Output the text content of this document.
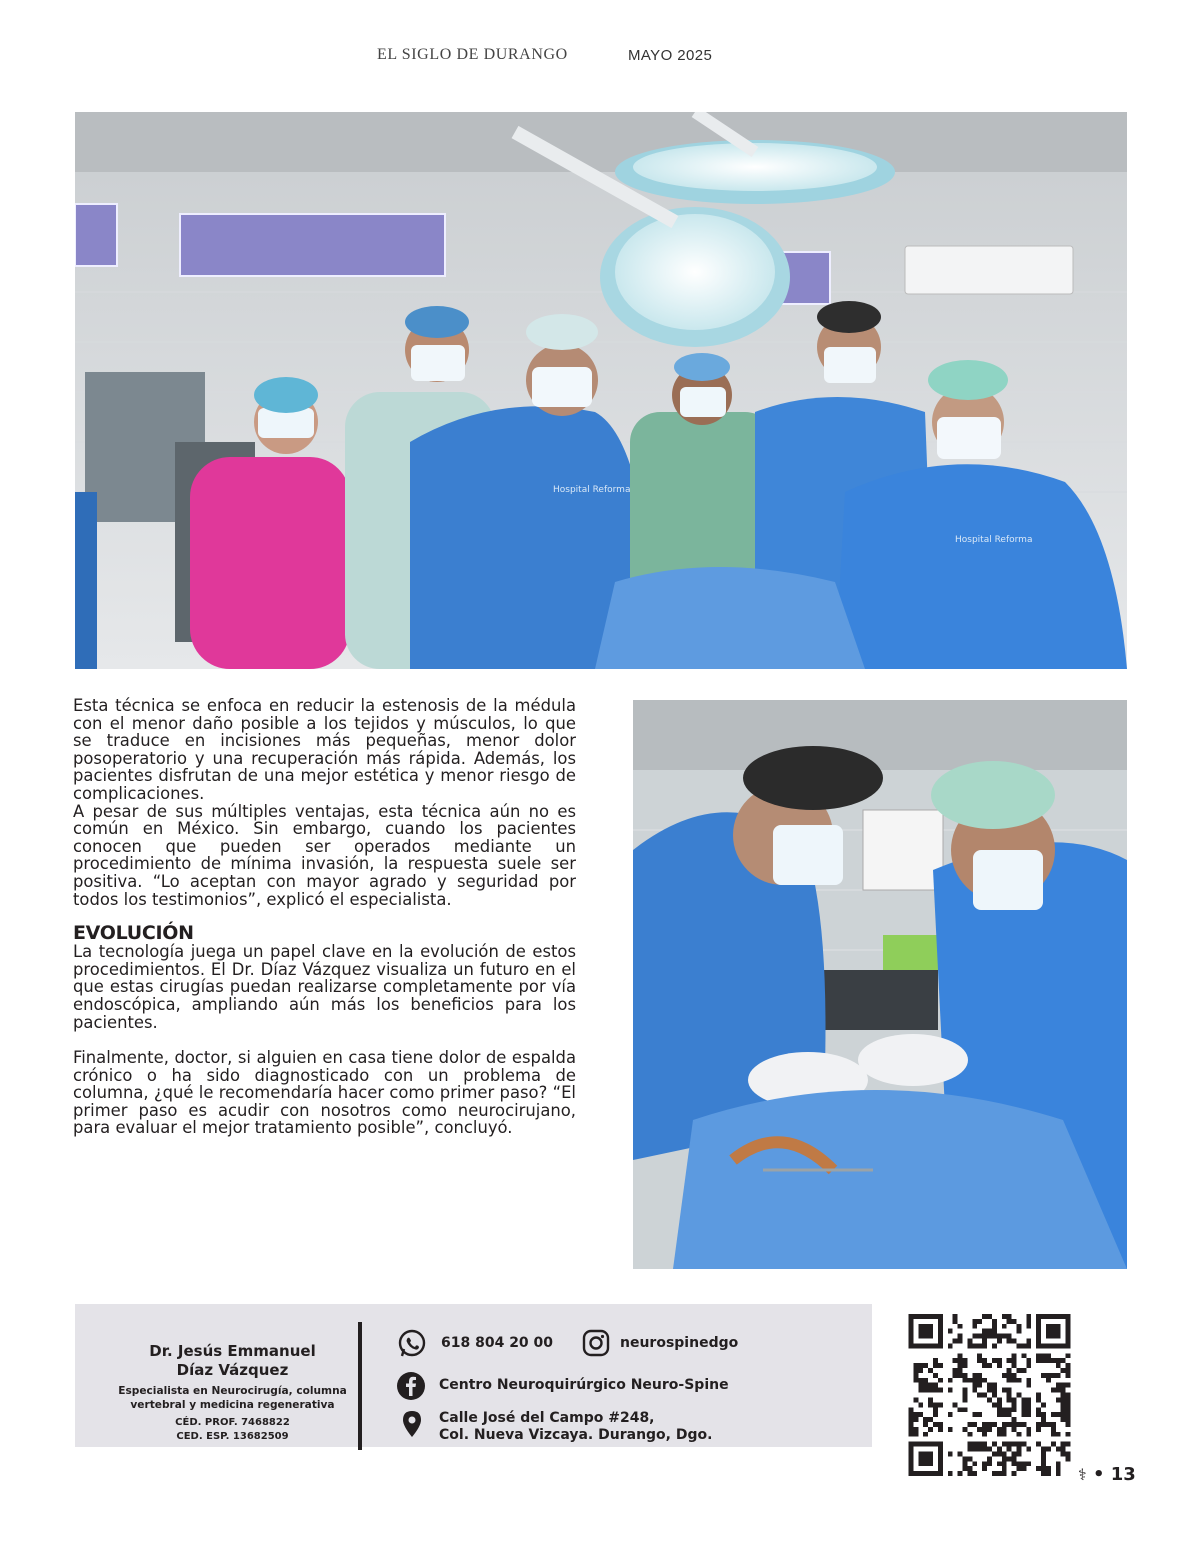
EL SIGLO DE DURANGO	MAYO 2025
Hospital Reforma
Hospital Reforma

Esta técnica se enfoca en reducir la estenosis de la médula con el menor daño posible a los tejidos y músculos, lo que se traduce en incisiones más pequeñas, menor dolor posoperatorio y una recuperación más rápida. Además, los pacientes disfrutan de una mejor estética y menor riesgo de complicaciones.

A pesar de sus múltiples ventajas, esta técnica aún no es común en México. Sin embargo, cuando los pacientes conocen que pueden ser operados mediante un procedimiento de mínima invasión, la respuesta suele ser positiva. “Lo aceptan con mayor agrado y seguridad por todos los testimonios”, explicó el especialista.

EVOLUCIÓN

La tecnología juega un papel clave en la evolución de estos procedimientos. El Dr. Díaz Vázquez visualiza un futuro en el que estas cirugías puedan realizarse completamente por vía endoscópica, ampliando aún más los beneficios para los pacientes.

Finalmente, doctor, si alguien en casa tiene dolor de espalda crónico o ha sido diagnosticado con un problema de columna, ¿qué le recomendaría hacer como primer paso? “El primer paso es acudir con nosotros como neurocirujano, para evaluar el mejor tratamiento posible”, concluyó.

Dr. Jesús Emmanuel
Díaz Vázquez
Especialista en Neurocirugía, columna
vertebral y medicina regenerativa
CÉD. PROF. 7468822
CED. ESP. 13682509
618 804 20 00	neurospinedgo
Centro Neuroquirúrgico Neuro-Spine
Calle José del Campo #248,
Col. Nueva Vizcaya. Durango, Dgo.
⚕ • 13
